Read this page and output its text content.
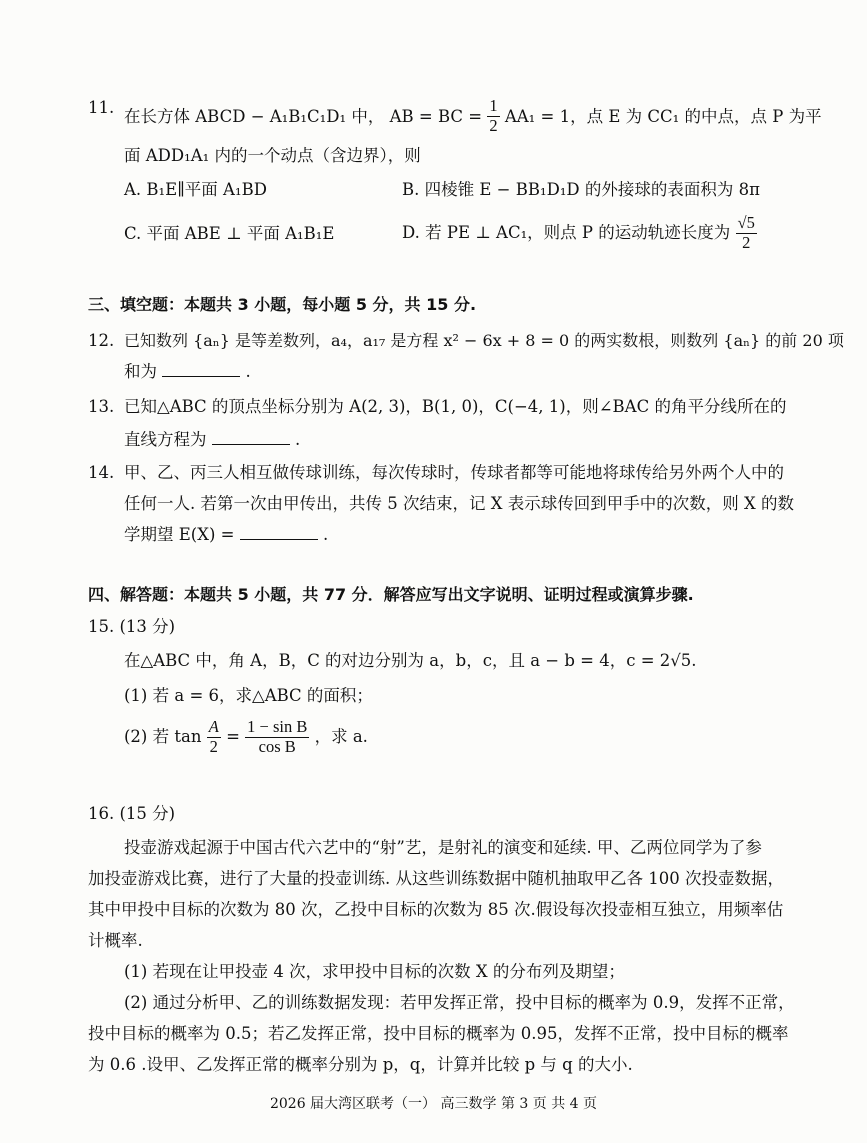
11. 在长方体 ABCD − A₁B₁C₁D₁ 中， AB = BC = $\frac{1}{2} AA_1 = 1$，点 E 为 CC₁ 的中点，点 P 为平
面 ADD₁A₁ 内的一个动点（含边界），则
A. B₁E∥平面 A₁BD	B. 四棱锥 E − BB₁D₁D 的外接球的表面积为 8π
C. 平面 ABE ⊥ 平面 A₁B₁E	D. 若 PE ⊥ AC₁，则点 P 的运动轨迹长度为 $\frac{√5}{2}$
三、填空题：本题共 3 小题，每小题 5 分，共 15 分.
12. 已知数列 {aₙ} 是等差数列，a₄，a₁₇ 是方程 x² − 6x + 8 = 0 的两实数根，则数列 {aₙ} 的前 20 项
和为	.
13. 已知△ABC 的顶点坐标分别为 A(2, 3)，B(1, 0)，C(−4, 1)，则∠BAC 的角平分线所在的
直线方程为	.
14. 甲、乙、丙三人相互做传球训练，每次传球时，传球者都等可能地将球传给另外两个人中的
任何一人. 若第一次由甲传出，共传 5 次结束，记 X 表示球传回到甲手中的次数，则 X 的数
学期望 E(X) =	.
四、解答题：本题共 5 小题，共 77 分．解答应写出文字说明、证明过程或演算步骤.
15. (13 分)
在△ABC 中，角 A，B，C 的对边分别为 a，b，c，且 a − b = 4，c = 2√5.
(1) 若 a = 6，求△ABC 的面积；
(2) 若 $\tan \frac{A}{2} = \frac{\text{1 − sin B}}{\text{cos B}}$ ，求 a.
16. (15 分)
投壶游戏起源于中国古代六艺中的“射”艺，是射礼的演变和延续. 甲、乙两位同学为了参
加投壶游戏比赛，进行了大量的投壶训练. 从这些训练数据中随机抽取甲乙各 100 次投壶数据，
其中甲投中目标的次数为 80 次，乙投中目标的次数为 85 次.假设每次投壶相互独立，用频率估
计概率.
(1) 若现在让甲投壶 4 次，求甲投中目标的次数 X 的分布列及期望；
(2) 通过分析甲、乙的训练数据发现：若甲发挥正常，投中目标的概率为 0.9，发挥不正常，
投中目标的概率为 0.5；若乙发挥正常，投中目标的概率为 0.95，发挥不正常，投中目标的概率
为 0.6 .设甲、乙发挥正常的概率分别为 p，q，计算并比较 p 与 q 的大小.
2026 届大湾区联考（一） 高三数学 第 3 页 共 4 页
